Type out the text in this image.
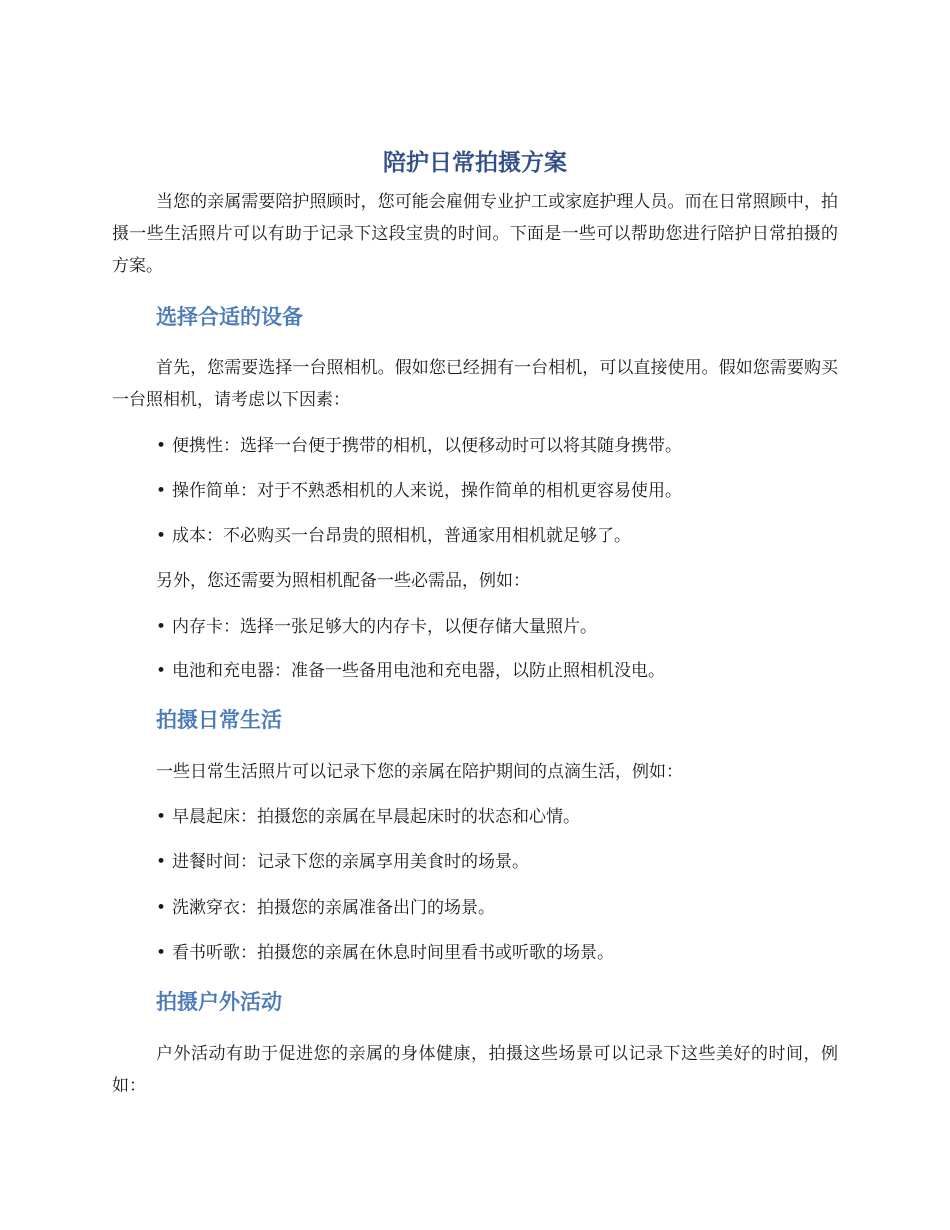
陪护日常拍摄方案

当您的亲属需要陪护照顾时，您可能会雇佣专业护工或家庭护理人员。而在日常照顾中，拍摄一些生活照片可以有助于记录下这段宝贵的时间。下面是一些可以帮助您进行陪护日常拍摄的方案。

选择合适的设备

首先，您需要选择一台照相机。假如您已经拥有一台相机，可以直接使用。假如您需要购买一台照相机，请考虑以下因素：

• 便携性：选择一台便于携带的相机，以便移动时可以将其随身携带。

• 操作简单：对于不熟悉相机的人来说，操作简单的相机更容易使用。

• 成本：不必购买一台昂贵的照相机，普通家用相机就足够了。

另外，您还需要为照相机配备一些必需品，例如：

• 内存卡：选择一张足够大的内存卡，以便存储大量照片。

• 电池和充电器：准备一些备用电池和充电器，以防止照相机没电。

拍摄日常生活

一些日常生活照片可以记录下您的亲属在陪护期间的点滴生活，例如：

• 早晨起床：拍摄您的亲属在早晨起床时的状态和心情。

• 进餐时间：记录下您的亲属享用美食时的场景。

• 洗漱穿衣：拍摄您的亲属准备出门的场景。

• 看书听歌：拍摄您的亲属在休息时间里看书或听歌的场景。

拍摄户外活动

户外活动有助于促进您的亲属的身体健康，拍摄这些场景可以记录下这些美好的时间，例如：
